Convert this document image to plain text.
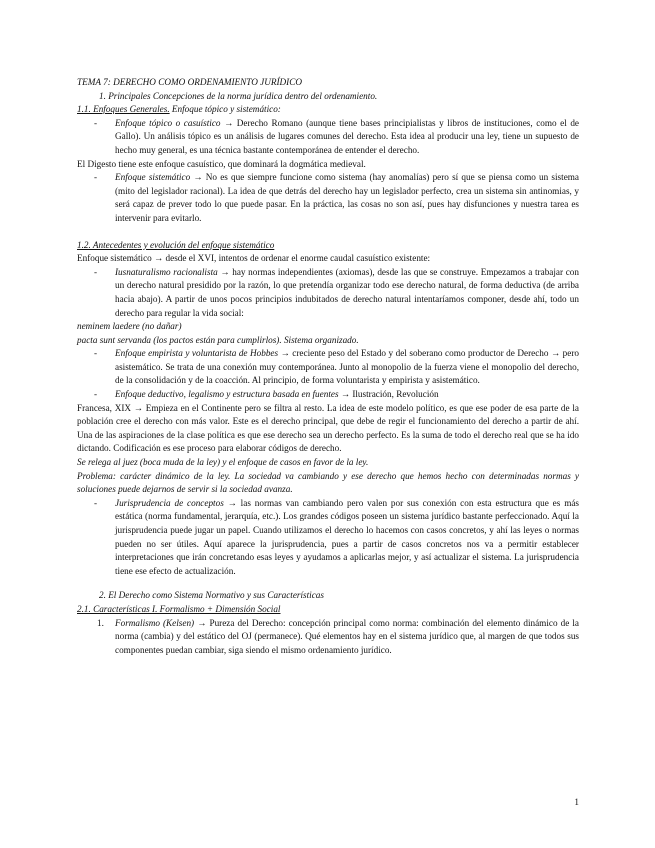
TEMA 7: DERECHO COMO ORDENAMIENTO JURÍDICO

1. Principales Concepciones de la norma jurídica dentro del ordenamiento.

1.1. Enfoques Generales. Enfoque tópico y sistemático:

- Enfoque tópico o casuístico → Derecho Romano (aunque tiene bases principialistas y libros de instituciones, como el de Gallo). Un análisis tópico es un análisis de lugares comunes del derecho. Esta idea al producir una ley, tiene un supuesto de hecho muy general, es una técnica bastante contemporánea de entender el derecho.

El Digesto tiene este enfoque casuístico, que dominará la dogmática medieval.

- Enfoque sistemático → No es que siempre funcione como sistema (hay anomalías) pero sí que se piensa como un sistema (mito del legislador racional). La idea de que detrás del derecho hay un legislador perfecto, crea un sistema sin antinomias, y será capaz de prever todo lo que puede pasar. En la práctica, las cosas no son así, pues hay disfunciones y nuestra tarea es intervenir para evitarlo.

1.2. Antecedentes y evolución del enfoque sistemático

Enfoque sistemático → desde el XVI, intentos de ordenar el enorme caudal casuístico existente:

- Iusnaturalismo racionalista → hay normas independientes (axiomas), desde las que se construye. Empezamos a trabajar con un derecho natural presidido por la razón, lo que pretendía organizar todo ese derecho natural, de forma deductiva (de arriba hacia abajo). A partir de unos pocos principios indubitados de derecho natural intentaríamos componer, desde ahí, todo un derecho para regular la vida social:

neminem laedere (no dañar)

pacta sunt servanda (los pactos están para cumplirlos). Sistema organizado.

- Enfoque empirista y voluntarista de Hobbes → creciente peso del Estado y del soberano como productor de Derecho → pero asistemático. Se trata de una conexión muy contemporánea. Junto al monopolio de la fuerza viene el monopolio del derecho, de la consolidación y de la coacción. Al principio, de forma voluntarista y empirista y asistemático.
- Enfoque deductivo, legalismo y estructura basada en fuentes → Ilustración, Revolución

Francesa, XIX → Empieza en el Continente pero se filtra al resto. La idea de este modelo político, es que ese poder de esa parte de la población cree el derecho con más valor. Este es el derecho principal, que debe de regir el funcionamiento del derecho a partir de ahí. Una de las aspiraciones de la clase política es que ese derecho sea un derecho perfecto. Es la suma de todo el derecho real que se ha ido dictando. Codificación es ese proceso para elaborar códigos de derecho.

Se relega al juez (boca muda de la ley) y el enfoque de casos en favor de la ley.

Problema: carácter dinámico de la ley. La sociedad va cambiando y ese derecho que hemos hecho con determinadas normas y soluciones puede dejarnos de servir si la sociedad avanza.

- Jurisprudencia de conceptos → las normas van cambiando pero valen por sus conexión con esta estructura que es más estática (norma fundamental, jerarquía, etc.). Los grandes códigos poseen un sistema jurídico bastante perfeccionado. Aquí la jurisprudencia puede jugar un papel. Cuando utilizamos el derecho lo hacemos con casos concretos, y ahí las leyes o normas pueden no ser útiles. Aquí aparece la jurisprudencia, pues a partir de casos concretos nos va a permitir establecer interpretaciones que irán concretando esas leyes y ayudamos a aplicarlas mejor, y así actualizar el sistema. La jurisprudencia tiene ese efecto de actualización.

2. El Derecho como Sistema Normativo y sus Características

2.1. Características I. Formalismo + Dimensión Social

1. Formalismo (Kelsen) → Pureza del Derecho: concepción principal como norma: combinación del elemento dinámico de la norma (cambia) y del estático del OJ (permanece). Qué elementos hay en el sistema jurídico que, al margen de que todos sus componentes puedan cambiar, siga siendo el mismo ordenamiento jurídico.
1
